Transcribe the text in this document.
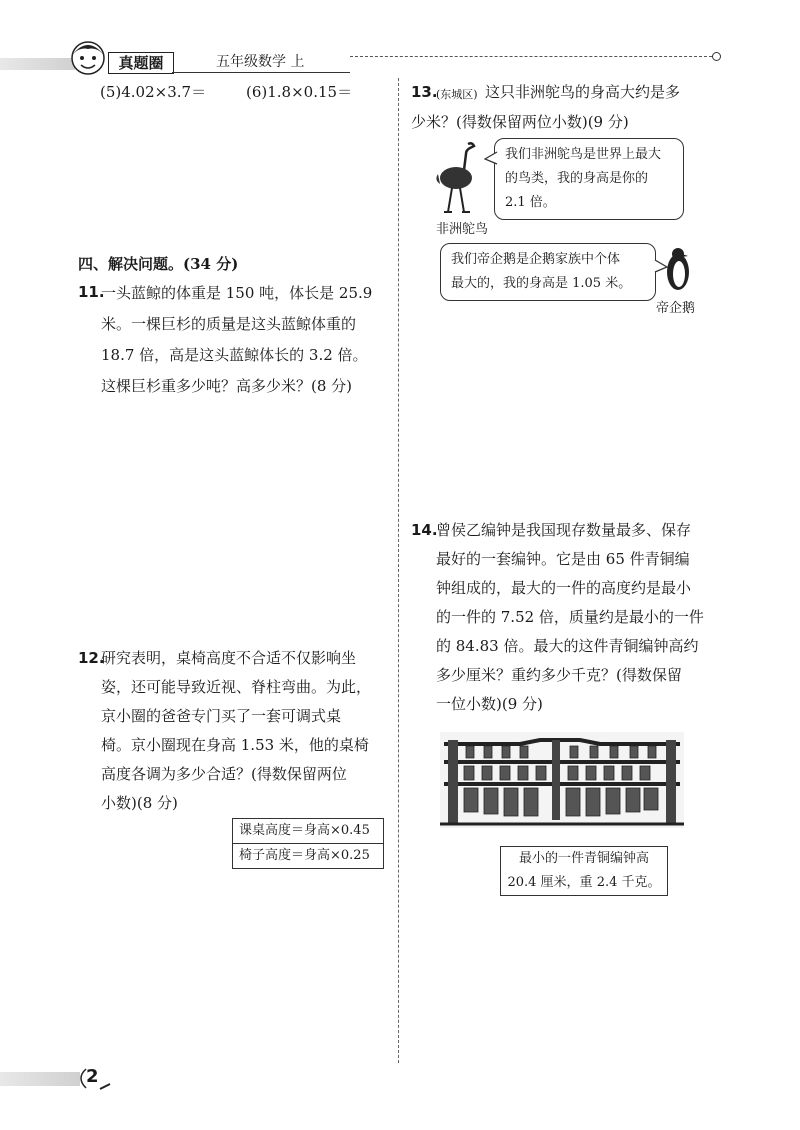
真题圈	五年级数学 上
(5)4.02×3.7＝	(6)1.8×0.15＝
四、解决问题。(34 分)
11.
一头蓝鲸的体重是 150 吨，体长是 25.9
米。一棵巨杉的质量是这头蓝鲸体重的
18.7 倍，高是这头蓝鲸体长的 3.2 倍。
这棵巨杉重多少吨？高多少米？(8 分)
12.
研究表明，桌椅高度不合适不仅影响坐
姿，还可能导致近视、脊柱弯曲。为此，
京小圈的爸爸专门买了一套可调式桌
椅。京小圈现在身高 1.53 米，他的桌椅
高度各调为多少合适？(得数保留两位
小数)(8 分)
课桌高度＝身高×0.45
椅子高度＝身高×0.25
13.
(东城区) 这只非洲鸵鸟的身高大约是多
少米？(得数保留两位小数)(9 分)
非洲鸵鸟
我们非洲鸵鸟是世界上最大
的鸟类，我的身高是你的
2.1 倍。
我们帝企鹅是企鹅家族中个体
最大的，我的身高是 1.05 米。
帝企鹅
14.
曾侯乙编钟是我国现存数量最多、保存
最好的一套编钟。它是由 65 件青铜编
钟组成的，最大的一件的高度约是最小
的一件的 7.52 倍，质量约是最小的一件
的 84.83 倍。最大的这件青铜编钟高约
多少厘米？重约多少千克？(得数保留
一位小数)(9 分)
最小的一件青铜编钟高
20.4 厘米，重 2.4 千克。
2
